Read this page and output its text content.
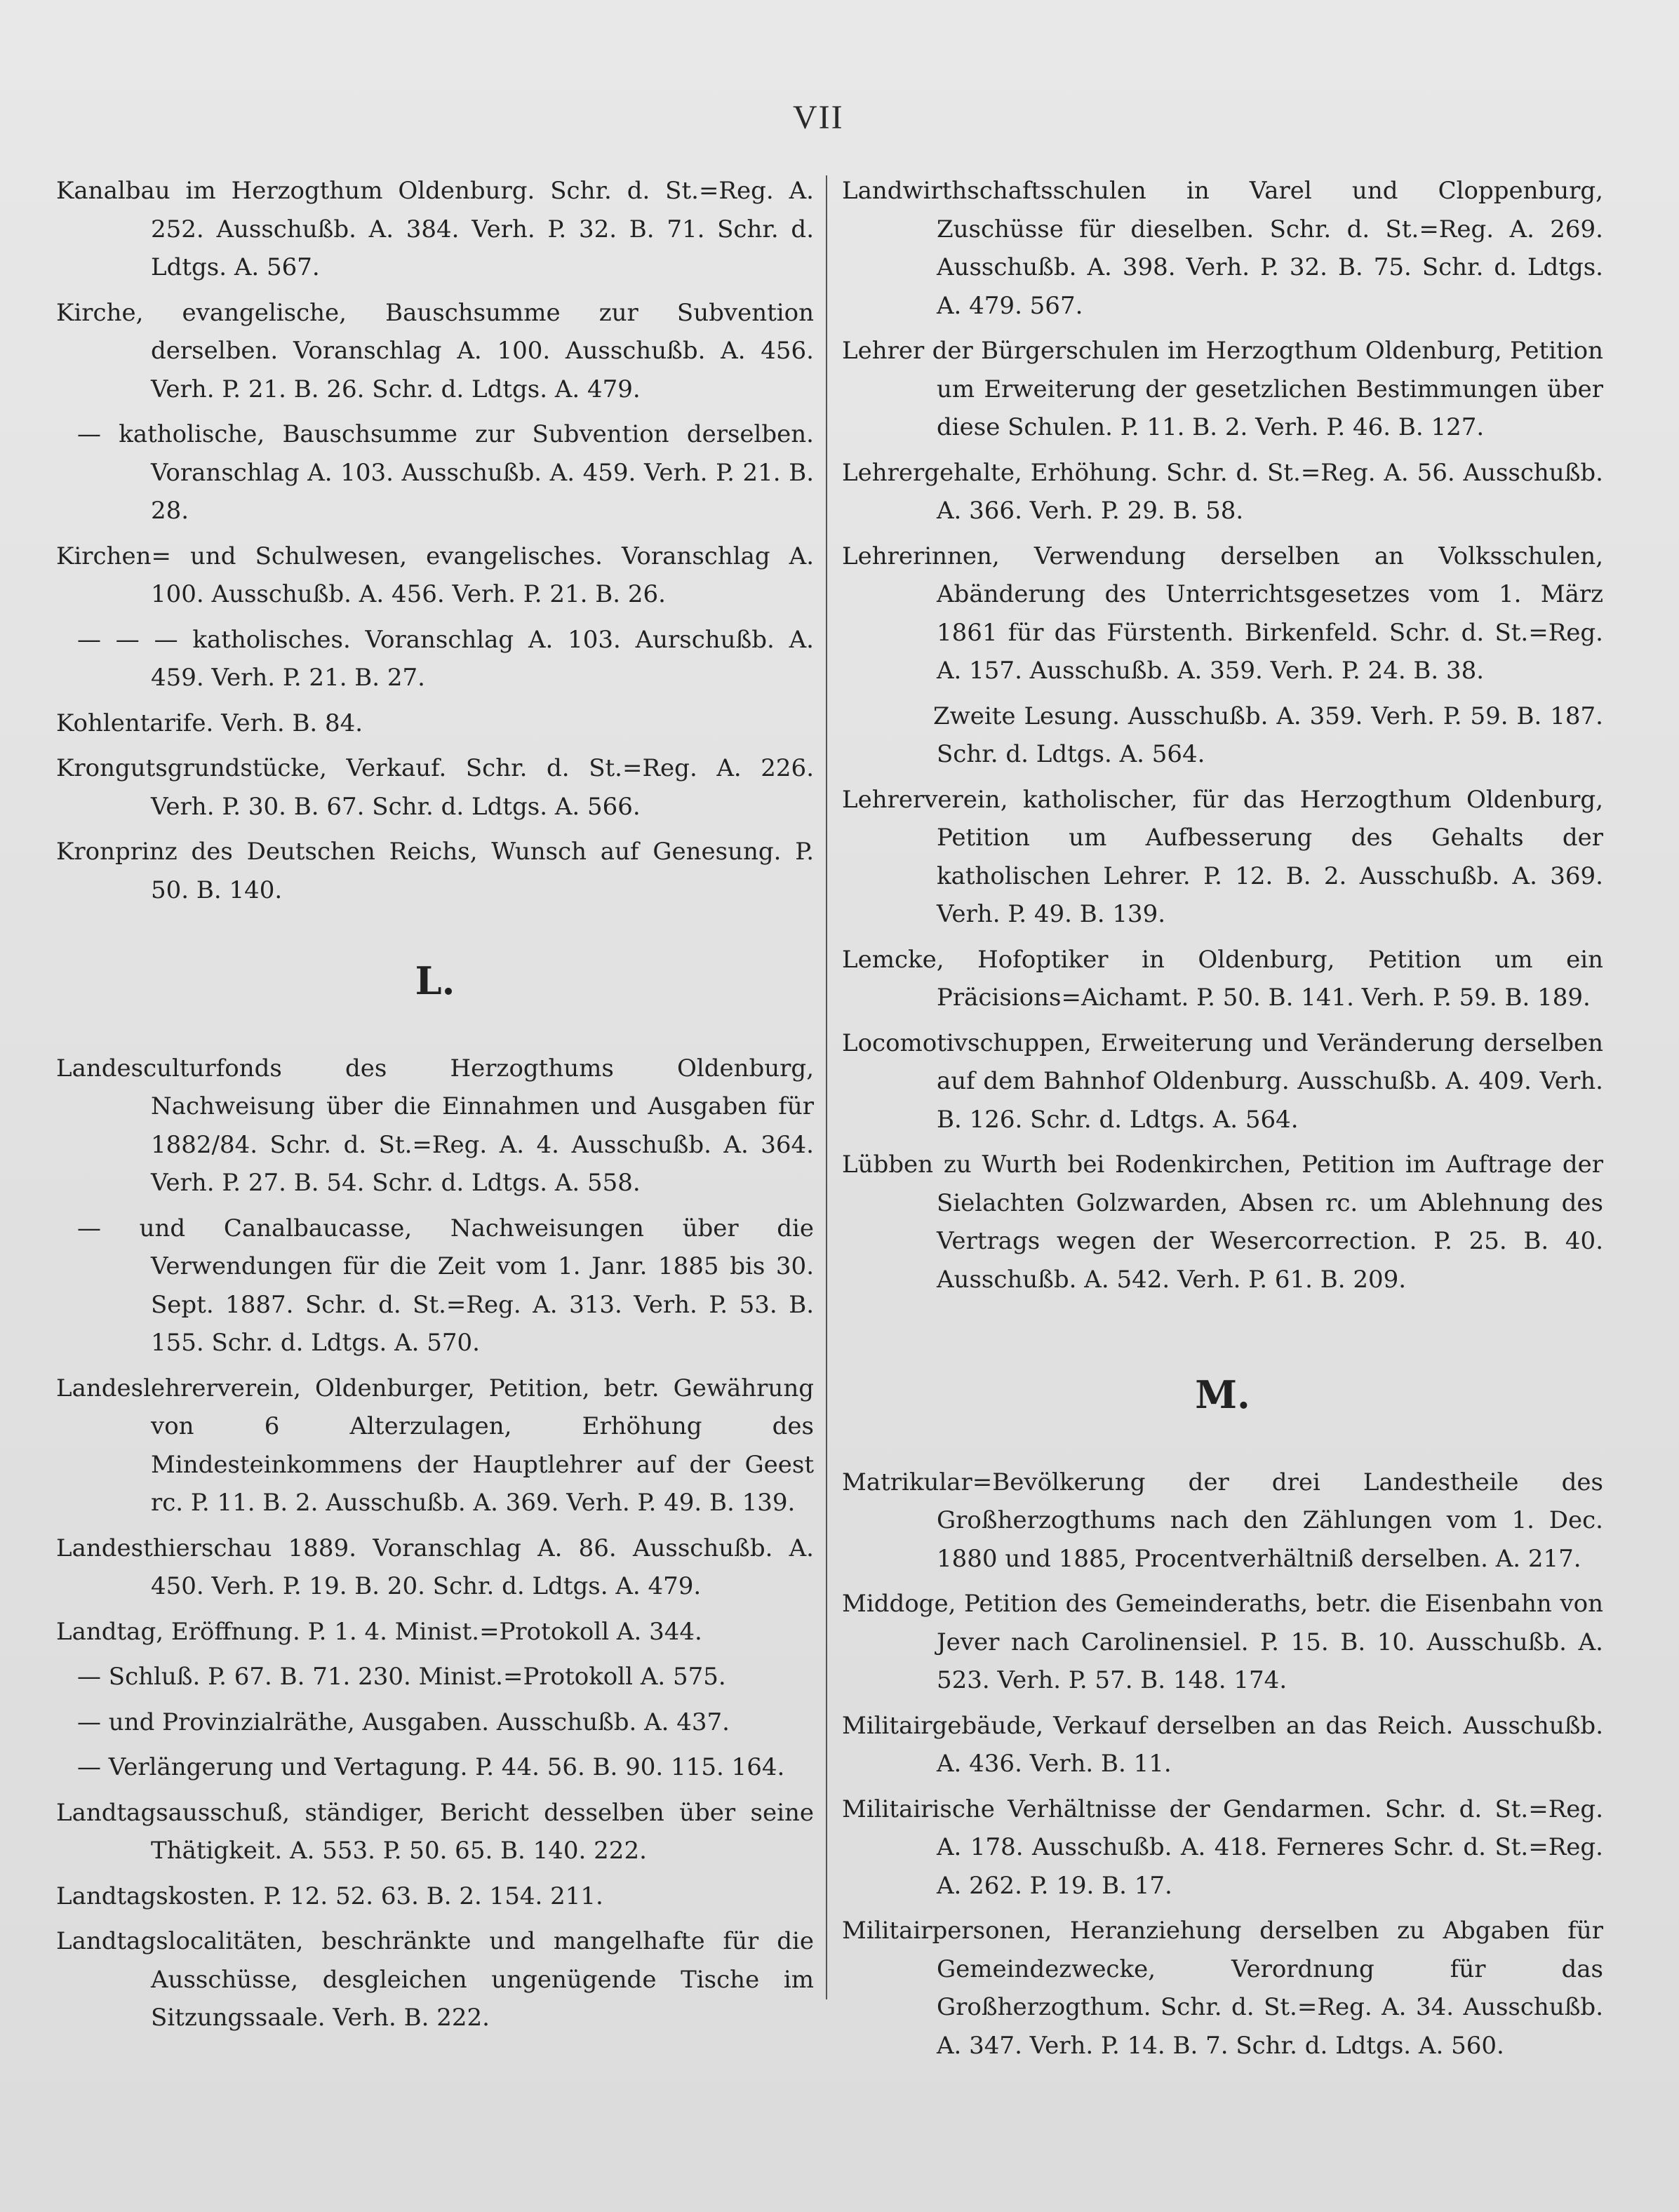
VII
Kanalbau im Herzogthum Oldenburg. Schr. d. St.=Reg. A. 252. Ausschußb. A. 384. Verh. P. 32. B. 71. Schr. d. Ldtgs. A. 567.
Kirche, evangelische, Bauschsumme zur Subvention derselben. Voranschlag A. 100. Ausschußb. A. 456. Verh. P. 21. B. 26. Schr. d. Ldtgs. A. 479.
— katholische, Bauschsumme zur Subvention derselben. Voranschlag A. 103. Ausschußb. A. 459. Verh. P. 21. B. 28.
Kirchen= und Schulwesen, evangelisches. Voranschlag A. 100. Ausschußb. A. 456. Verh. P. 21. B. 26.
— — — katholisches. Voranschlag A. 103. Aurschußb. A. 459. Verh. P. 21. B. 27.
Kohlentarife. Verh. B. 84.
Krongutsgrundstücke, Verkauf. Schr. d. St.=Reg. A. 226. Verh. P. 30. B. 67. Schr. d. Ldtgs. A. 566.
Kronprinz des Deutschen Reichs, Wunsch auf Genesung. P. 50. B. 140.
L.
Landesculturfonds des Herzogthums Oldenburg, Nachweisung über die Einnahmen und Ausgaben für 1882/84. Schr. d. St.=Reg. A. 4. Ausschußb. A. 364. Verh. P. 27. B. 54. Schr. d. Ldtgs. A. 558.
— und Canalbaucasse, Nachweisungen über die Verwendungen für die Zeit vom 1. Janr. 1885 bis 30. Sept. 1887. Schr. d. St.=Reg. A. 313. Verh. P. 53. B. 155. Schr. d. Ldtgs. A. 570.
Landeslehrerverein, Oldenburger, Petition, betr. Gewährung von 6 Alterzulagen, Erhöhung des Mindesteinkommens der Hauptlehrer auf der Geest rc. P. 11. B. 2. Ausschußb. A. 369. Verh. P. 49. B. 139.
Landesthierschau 1889. Voranschlag A. 86. Ausschußb. A. 450. Verh. P. 19. B. 20. Schr. d. Ldtgs. A. 479.
Landtag, Eröffnung. P. 1. 4. Minist.=Protokoll A. 344.
— Schluß. P. 67. B. 71. 230. Minist.=Protokoll A. 575.
— und Provinzialräthe, Ausgaben. Ausschußb. A. 437.
— Verlängerung und Vertagung. P. 44. 56. B. 90. 115. 164.
Landtagsausschuß, ständiger, Bericht desselben über seine Thätigkeit. A. 553. P. 50. 65. B. 140. 222.
Landtagskosten. P. 12. 52. 63. B. 2. 154. 211.
Landtagslocalitäten, beschränkte und mangelhafte für die Ausschüsse, desgleichen ungenügende Tische im Sitzungssaale. Verh. B. 222.
Landwirthschaftsschulen in Varel und Cloppenburg, Zuschüsse für dieselben. Schr. d. St.=Reg. A. 269. Ausschußb. A. 398. Verh. P. 32. B. 75. Schr. d. Ldtgs. A. 479. 567.
Lehrer der Bürgerschulen im Herzogthum Oldenburg, Petition um Erweiterung der gesetzlichen Bestimmungen über diese Schulen. P. 11. B. 2. Verh. P. 46. B. 127.
Lehrergehalte, Erhöhung. Schr. d. St.=Reg. A. 56. Ausschußb. A. 366. Verh. P. 29. B. 58.
Lehrerinnen, Verwendung derselben an Volksschulen, Abänderung des Unterrichtsgesetzes vom 1. März 1861 für das Fürstenth. Birkenfeld. Schr. d. St.=Reg. A. 157. Ausschußb. A. 359. Verh. P. 24. B. 38.
Zweite Lesung. Ausschußb. A. 359. Verh. P. 59. B. 187. Schr. d. Ldtgs. A. 564.
Lehrerverein, katholischer, für das Herzogthum Oldenburg, Petition um Aufbesserung des Gehalts der katholischen Lehrer. P. 12. B. 2. Ausschußb. A. 369. Verh. P. 49. B. 139.
Lemcke, Hofoptiker in Oldenburg, Petition um ein Präcisions=Aichamt. P. 50. B. 141. Verh. P. 59. B. 189.
Locomotivschuppen, Erweiterung und Veränderung derselben auf dem Bahnhof Oldenburg. Ausschußb. A. 409. Verh. B. 126. Schr. d. Ldtgs. A. 564.
Lübben zu Wurth bei Rodenkirchen, Petition im Auftrage der Sielachten Golzwarden, Absen rc. um Ablehnung des Vertrags wegen der Wesercorrection. P. 25. B. 40. Ausschußb. A. 542. Verh. P. 61. B. 209.
M.
Matrikular=Bevölkerung der drei Landestheile des Großherzogthums nach den Zählungen vom 1. Dec. 1880 und 1885, Procentverhältniß derselben. A. 217.
Middoge, Petition des Gemeinderaths, betr. die Eisenbahn von Jever nach Carolinensiel. P. 15. B. 10. Ausschußb. A. 523. Verh. P. 57. B. 148. 174.
Militairgebäude, Verkauf derselben an das Reich. Ausschußb. A. 436. Verh. B. 11.
Militairische Verhältnisse der Gendarmen. Schr. d. St.=Reg. A. 178. Ausschußb. A. 418. Ferneres Schr. d. St.=Reg. A. 262. P. 19. B. 17.
Militairpersonen, Heranziehung derselben zu Abgaben für Gemeindezwecke, Verordnung für das Großherzogthum. Schr. d. St.=Reg. A. 34. Ausschußb. A. 347. Verh. P. 14. B. 7. Schr. d. Ldtgs. A. 560.
